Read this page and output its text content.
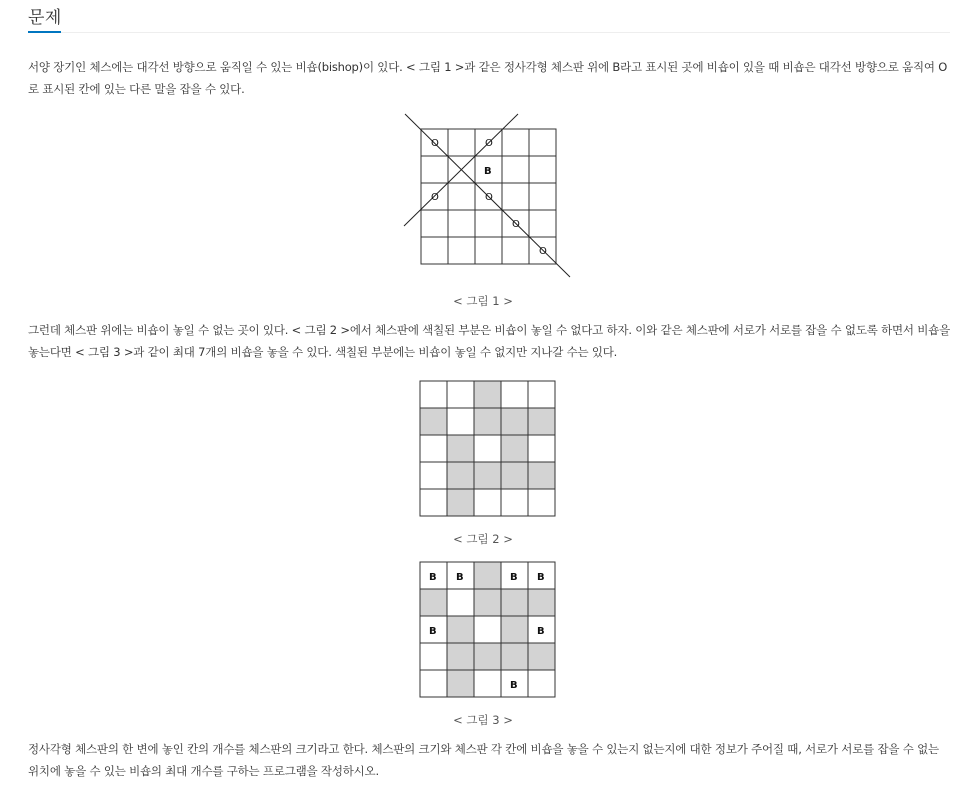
문제

서양 장기인 체스에는 대각선 방향으로 움직일 수 있는 비숍(bishop)이 있다. < 그림 1 >과 같은 정사각형 체스판 위에 B라고 표시된 곳에 비숍이 있을 때 비숍은 대각선 방향으로 움직여 O로 표시된 칸에 있는 다른 말을 잡을 수 있다.

O	O
O	O
O
O
B
< 그림 1 >

그런데 체스판 위에는 비숍이 놓일 수 없는 곳이 있다. < 그림 2 >에서 체스판에 색칠된 부분은 비숍이 놓일 수 없다고 하자. 이와 같은 체스판에 서로가 서로를 잡을 수 없도록 하면서 비숍을 놓는다면 < 그림 3 >과 같이 최대 7개의 비숍을 놓을 수 있다. 색칠된 부분에는 비숍이 놓일 수 없지만 지나갈 수는 있다.

< 그림 2 >
B B	B B
B	B
B
< 그림 3 >

정사각형 체스판의 한 변에 놓인 칸의 개수를 체스판의 크기라고 한다. 체스판의 크기와 체스판 각 칸에 비숍을 놓을 수 있는지 없는지에 대한 정보가 주어질 때, 서로가 서로를 잡을 수 없는 위치에 놓을 수 있는 비숍의 최대 개수를 구하는 프로그램을 작성하시오.
